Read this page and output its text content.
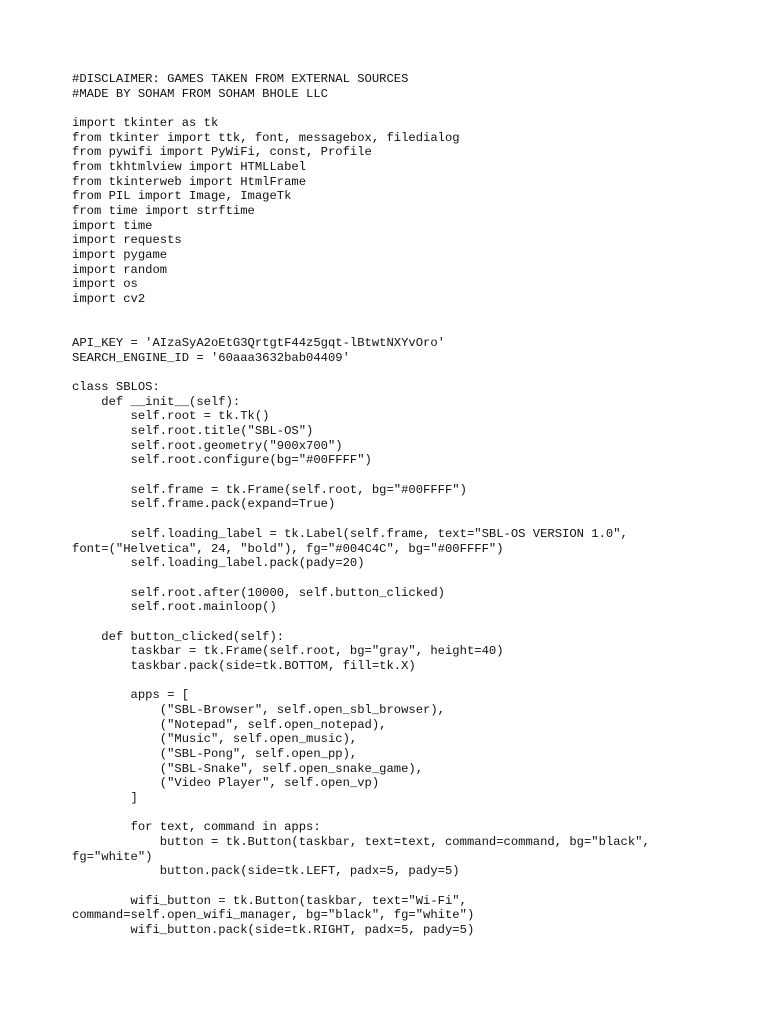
#DISCLAIMER: GAMES TAKEN FROM EXTERNAL SOURCES
#MADE BY SOHAM FROM SOHAM BHOLE LLC
import tkinter as tk
from tkinter import ttk, font, messagebox, filedialog
from pywifi import PyWiFi, const, Profile
from tkhtmlview import HTMLLabel
from tkinterweb import HtmlFrame
from PIL import Image, ImageTk
from time import strftime
import time
import requests
import pygame
import random
import os
import cv2
API_KEY = 'AIzaSyA2oEtG3QrtgtF44z5gqt-lBtwtNXYvOro'
SEARCH_ENGINE_ID = '60aaa3632bab04409'
class SBLOS:
def __init__(self):
self.root = tk.Tk()
self.root.title("SBL-OS")
self.root.geometry("900x700")
self.root.configure(bg="#00FFFF")
self.frame = tk.Frame(self.root, bg="#00FFFF")
self.frame.pack(expand=True)
self.loading_label = tk.Label(self.frame, text="SBL-OS VERSION 1.0",
font=("Helvetica", 24, "bold"), fg="#004C4C", bg="#00FFFF")
self.loading_label.pack(pady=20)
self.root.after(10000, self.button_clicked)
self.root.mainloop()
def button_clicked(self):
taskbar = tk.Frame(self.root, bg="gray", height=40)
taskbar.pack(side=tk.BOTTOM, fill=tk.X)
apps = [
("SBL-Browser", self.open_sbl_browser),
("Notepad", self.open_notepad),
("Music", self.open_music),
("SBL-Pong", self.open_pp),
("SBL-Snake", self.open_snake_game),
("Video Player", self.open_vp)
]
for text, command in apps:
button = tk.Button(taskbar, text=text, command=command, bg="black",
fg="white")
button.pack(side=tk.LEFT, padx=5, pady=5)
wifi_button = tk.Button(taskbar, text="Wi-Fi",
command=self.open_wifi_manager, bg="black", fg="white")
wifi_button.pack(side=tk.RIGHT, padx=5, pady=5)
